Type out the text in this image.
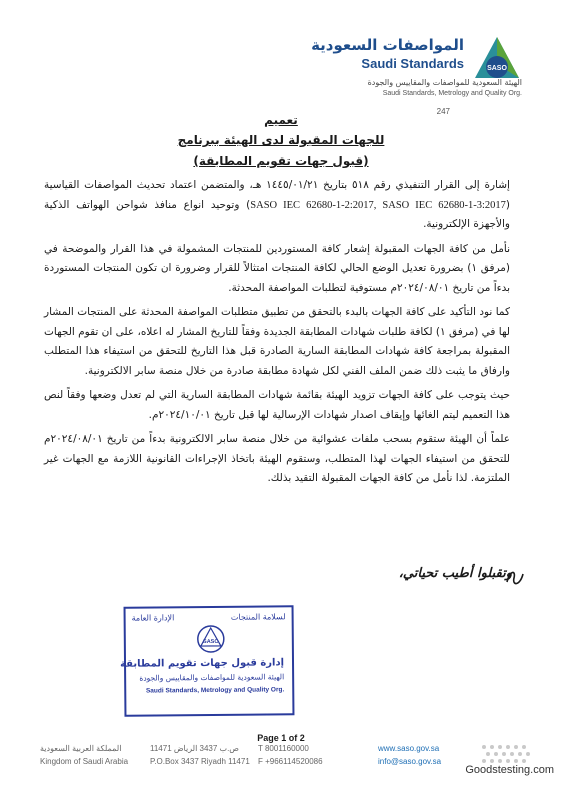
SASO
المواصفات السعودية
Saudi Standards
الهيئة السعودية للمواصفات والمقاييس والجودة
Saudi Standards, Metrology and Quality Org.
247
تعميم
للجهات المقبولة لدى الهيئة ببرنامج
(قبول جهات تقويم المطابقة)

إشارة إلى القرار التنفيذي رقم ٥١٨ بتاريخ ١٤٤٥/٠١/٢١ هـ، والمتضمن اعتماد تحديث المواصفات القياسية (SASO IEC 62680-1-2:2017, SASO IEC 62680-1-3:2017) وتوحيد انواع منافذ شواحن الهواتف الذكية والأجهزة الإلكترونية.

نأمل من كافة الجهات المقبولة إشعار كافة المستوردين للمنتجات المشمولة في هذا القرار والموضحة في (مرفق ١) بضرورة تعديل الوضع الحالي لكافة المنتجات امتثالاً للقرار وضرورة ان تكون المنتجات المستوردة بدءاً من تاريخ ٢٠٢٤/٠٨/٠١م مستوفية لتطلبات المواصفة المحدثة.

كما نود التأكيد على كافة الجهات بالبدء بالتحقق من تطبيق متطلبات المواصفة المحدثة على المنتجات المشار لها في (مرفق ١) لكافة طلبات شهادات المطابقة الجديدة وفقاً للتاريخ المشار له اعلاه، على ان تقوم الجهات المقبولة بمراجعة كافة شهادات المطابقة السارية الصادرة قبل هذا التاريخ للتحقق من استيفاء هذا المتطلب وارفاق ما يثبت ذلك ضمن الملف الفني لكل شهادة مطابقة صادرة من خلال منصة سابر الالكترونية.

حيث يتوجب على كافة الجهات تزويد الهيئة بقائمة شهادات المطابقة السارية التي لم تعدل وضعها وفقاً لنص هذا التعميم ليتم الغائها وإيقاف اصدار شهادات الإرسالية لها قبل تاريخ ٢٠٢٤/١٠/٠١م.

علماً أن الهيئة ستقوم بسحب ملفات عشوائية من خلال منصة سابر الالكترونية بدءاً من تاريخ ٢٠٢٤/٠٨/٠١م للتحقق من استيفاء الجهات لهذا المتطلب، وستقوم الهيئة باتخاذ الإجراءات القانونية اللازمة مع الجهات غير الملتزمة. لذا نأمل من كافة الجهات المقبولة التقيد بذلك.

وتقبلوا أطيب تحياتي،
الإدارة العامة	لسلامة المنتجات
SASO
إدارة قبول جهات تقويم المطابقة
الهيئة السعودية للمواصفات والمقاييس والجودة
Saudi Standards, Metrology and Quality Org.
Page 1 of 2
المملكة العربية السعودية
Kingdom of Saudi Arabia
ص.ب 3437 الرياض 11471
P.O.Box 3437 Riyadh 11471
T 8001160000
F +966114520086
www.saso.gov.sa
info@saso.gov.sa
Goodstesting.com
